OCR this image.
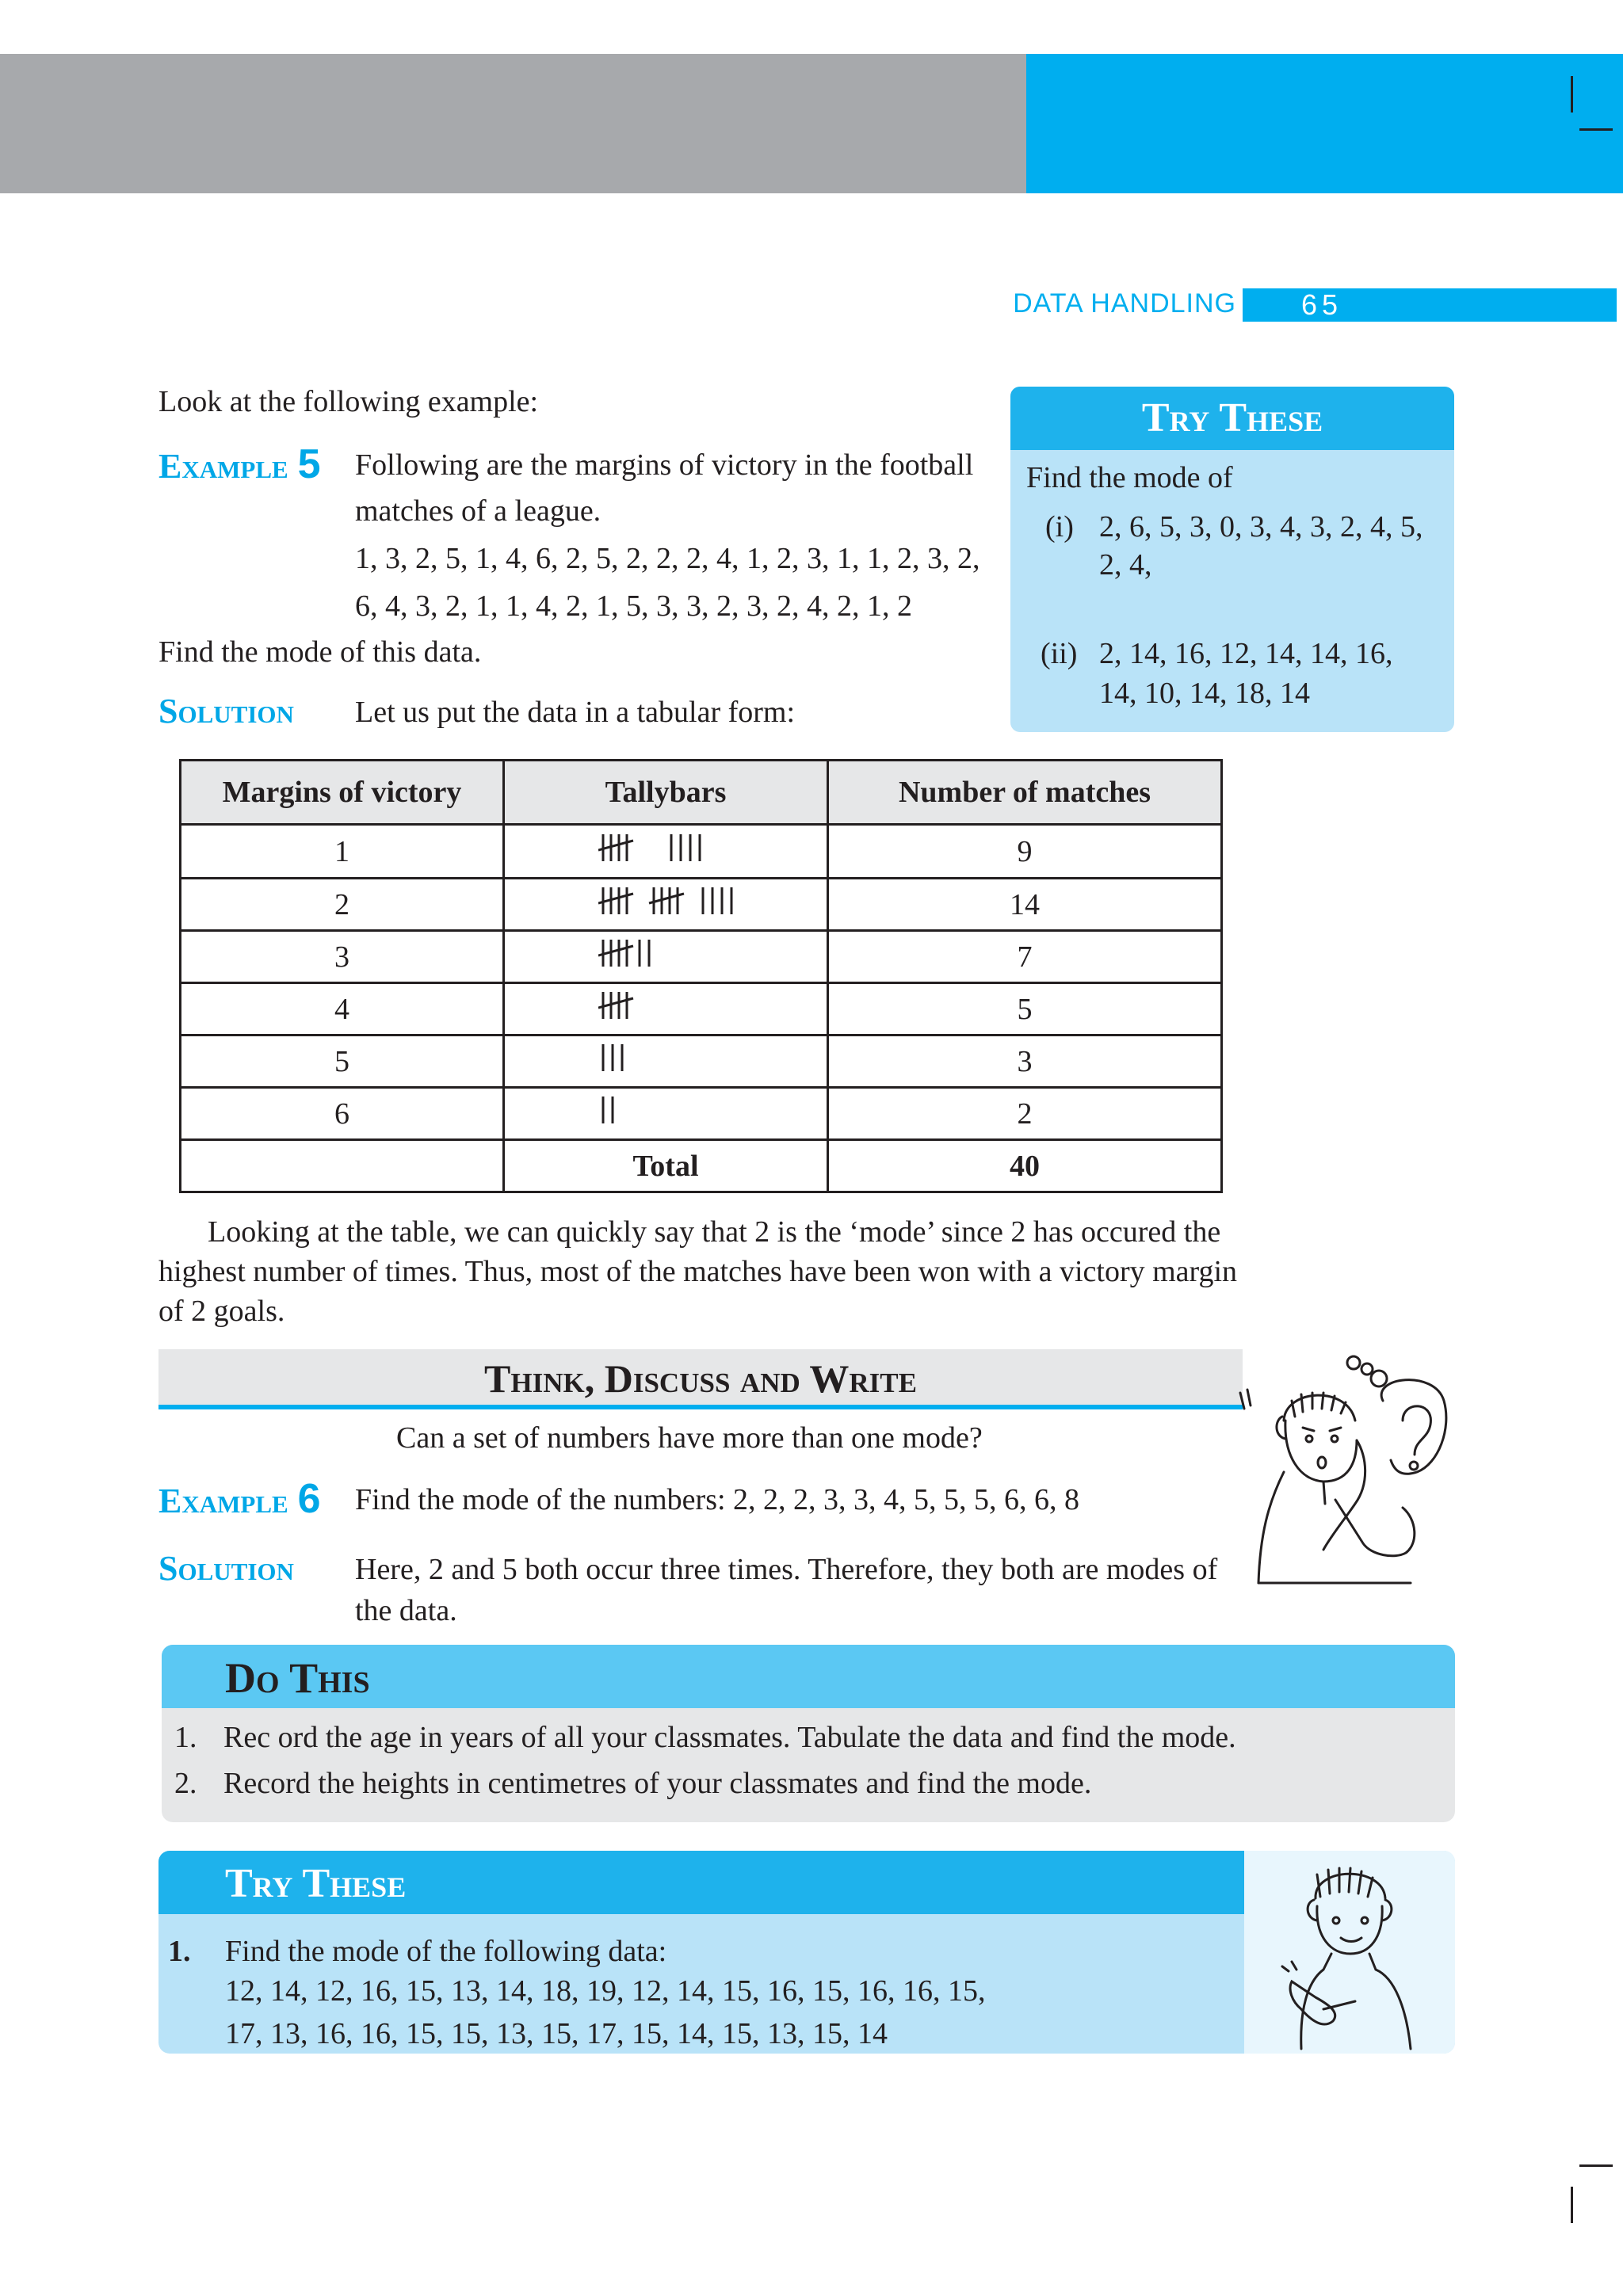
DATA HANDLING	65
Look at the following example:
Example 5 Following are the margins of victory in the football
matches of a league.
1, 3, 2, 5, 1, 4, 6, 2, 5, 2, 2, 2, 4, 1, 2, 3, 1, 1, 2, 3, 2,
6, 4, 3, 2, 1, 1, 4, 2, 1, 5, 3, 3, 2, 3, 2, 4, 2, 1, 2
Find the mode of this data.
Solution Let us put the data in a tabular form:
Try These
Find the mode of
(i) 2, 6, 5, 3, 0, 3, 4, 3, 2, 4, 5,
2, 4,
(ii) 2, 14, 16, 12, 14, 14, 16,
14, 10, 14, 18, 14
Margins of victory	Tallybars	Number of matches
1		9
2		14
3		7
4		5
5		3
6		2
	Total	40
Looking at the table, we can quickly say that 2 is the ‘mode’ since 2 has occured the
highest number of times. Thus, most of the matches have been won with a victory margin
of 2 goals.
Think, Discuss and Write
Can a set of numbers have more than one mode?
Example 6 Find the mode of the numbers: 2, 2, 2, 3, 3, 4, 5, 5, 5, 6, 6, 8
Solution Here, 2 and 5 both occur three times. Therefore, they both are modes of
the data.
Do This
1. Rec ord the age in years of all your classmates. Tabulate the data and find the mode.
2. Record the heights in centimetres of your classmates and find the mode.
Try These
1. Find the mode of the following data:
12, 14, 12, 16, 15, 13, 14, 18, 19, 12, 14, 15, 16, 15, 16, 16, 15,
17, 13, 16, 16, 15, 15, 13, 15, 17, 15, 14, 15, 13, 15, 14
